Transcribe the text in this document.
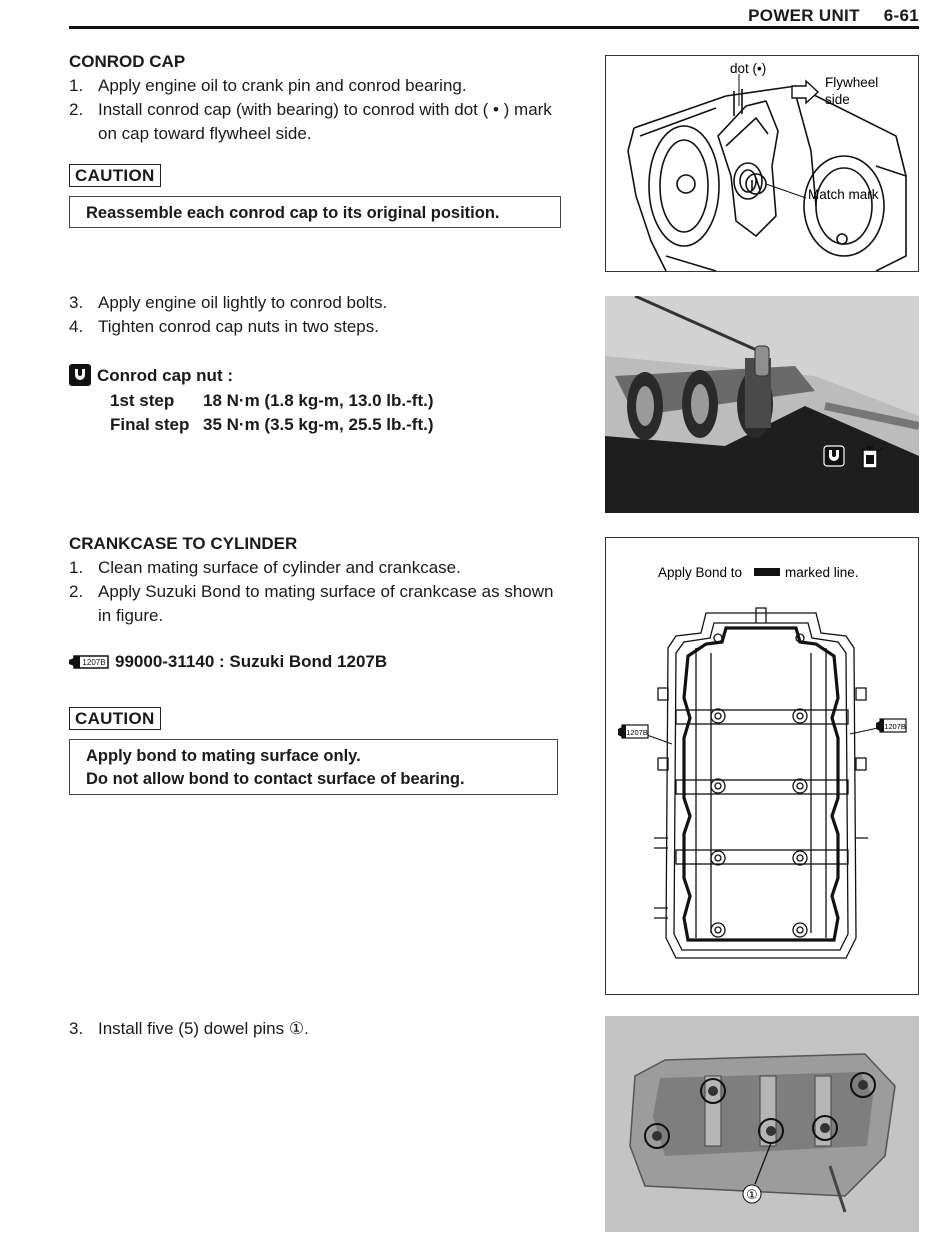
POWER UNIT 6-61
CONROD CAP
1. Apply engine oil to crank pin and conrod bearing.
2. Install conrod cap (with bearing) to conrod with dot ( • ) mark on cap toward flywheel side.
CAUTION
Reassemble each conrod cap to its original position.
3. Apply engine oil lightly to conrod bolts.
4. Tighten conrod cap nuts in two steps.
Conrod cap nut :
1st step 18 N·m (1.8 kg-m, 13.0 lb.-ft.)
Final step 35 N·m (3.5 kg-m, 25.5 lb.-ft.)
CRANKCASE TO CYLINDER
1. Clean mating surface of cylinder and crankcase.
2. Apply Suzuki Bond to mating surface of crankcase as shown in figure.
1207B 99000-31140 : Suzuki Bond 1207B
CAUTION
Apply bond to mating surface only.
Do not allow bond to contact surface of bearing.
3. Install five (5) dowel pins ①.
dot (•)
Flywheel
side
Match mark
Apply Bond to	marked line.
1207B
1207B
①
